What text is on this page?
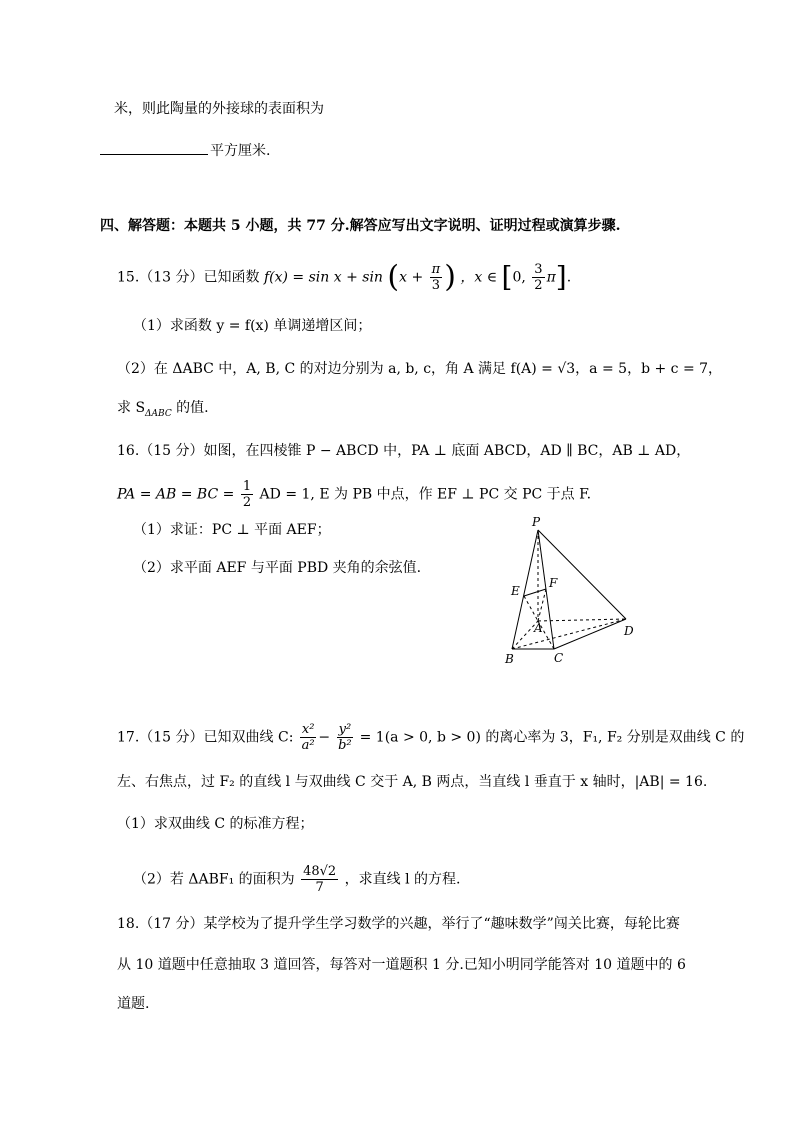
米，则此陶量的外接球的表面积为
平方厘米.
四、解答题：本题共 5 小题，共 77 分.解答应写出文字说明、证明过程或演算步骤.
15.（13 分）已知函数 $f(x) = \sin x + \sin (x + \frac{\pi}{3}$ ) ，x ∈ [0, $\frac{3}{2} \pi$].
（1）求函数 y = f(x) 单调递增区间；
（2）在 ΔABC 中，A, B, C 的对边分别为 a, b, c，角 A 满足 f(A) = √3，a = 5，b + c = 7，
求 $S_{\Delta ABC}$ 的值.
16.（15 分）如图，在四棱锥 P − ABCD 中，PA ⊥ 底面 ABCD，AD ∥ BC，AB ⊥ AD，
PA = AB = BC = $\frac{1}{2}$ AD = 1, E 为 PB 中点，作 EF ⊥ PC 交 PC 于点 F.
（1）求证：PC ⊥ 平面 AEF；
（2）求平面 AEF 与平面 PBD 夹角的余弦值.
P
E
F
A	D
B	C
17.（15 分）已知双曲线 C: $\frac{\text{x²}}{\text{a²}} - \frac{\text{y²}}{\text{b²}} = 1(a > 0$, b > 0) 的离心率为 3，F₁, F₂ 分别是双曲线 C 的
左、右焦点，过 F₂ 的直线 l 与双曲线 C 交于 A, B 两点，当直线 l 垂直于 x 轴时，|AB| = 16.
（1）求双曲线 C 的标准方程；
（2）若 ΔABF₁ 的面积为 $\frac{48√2}{7}$ ，求直线 l 的方程.
18.（17 分）某学校为了提升学生学习数学的兴趣，举行了“趣味数学”闯关比赛，每轮比赛
从 10 道题中任意抽取 3 道回答，每答对一道题积 1 分.已知小明同学能答对 10 道题中的 6
道题.
